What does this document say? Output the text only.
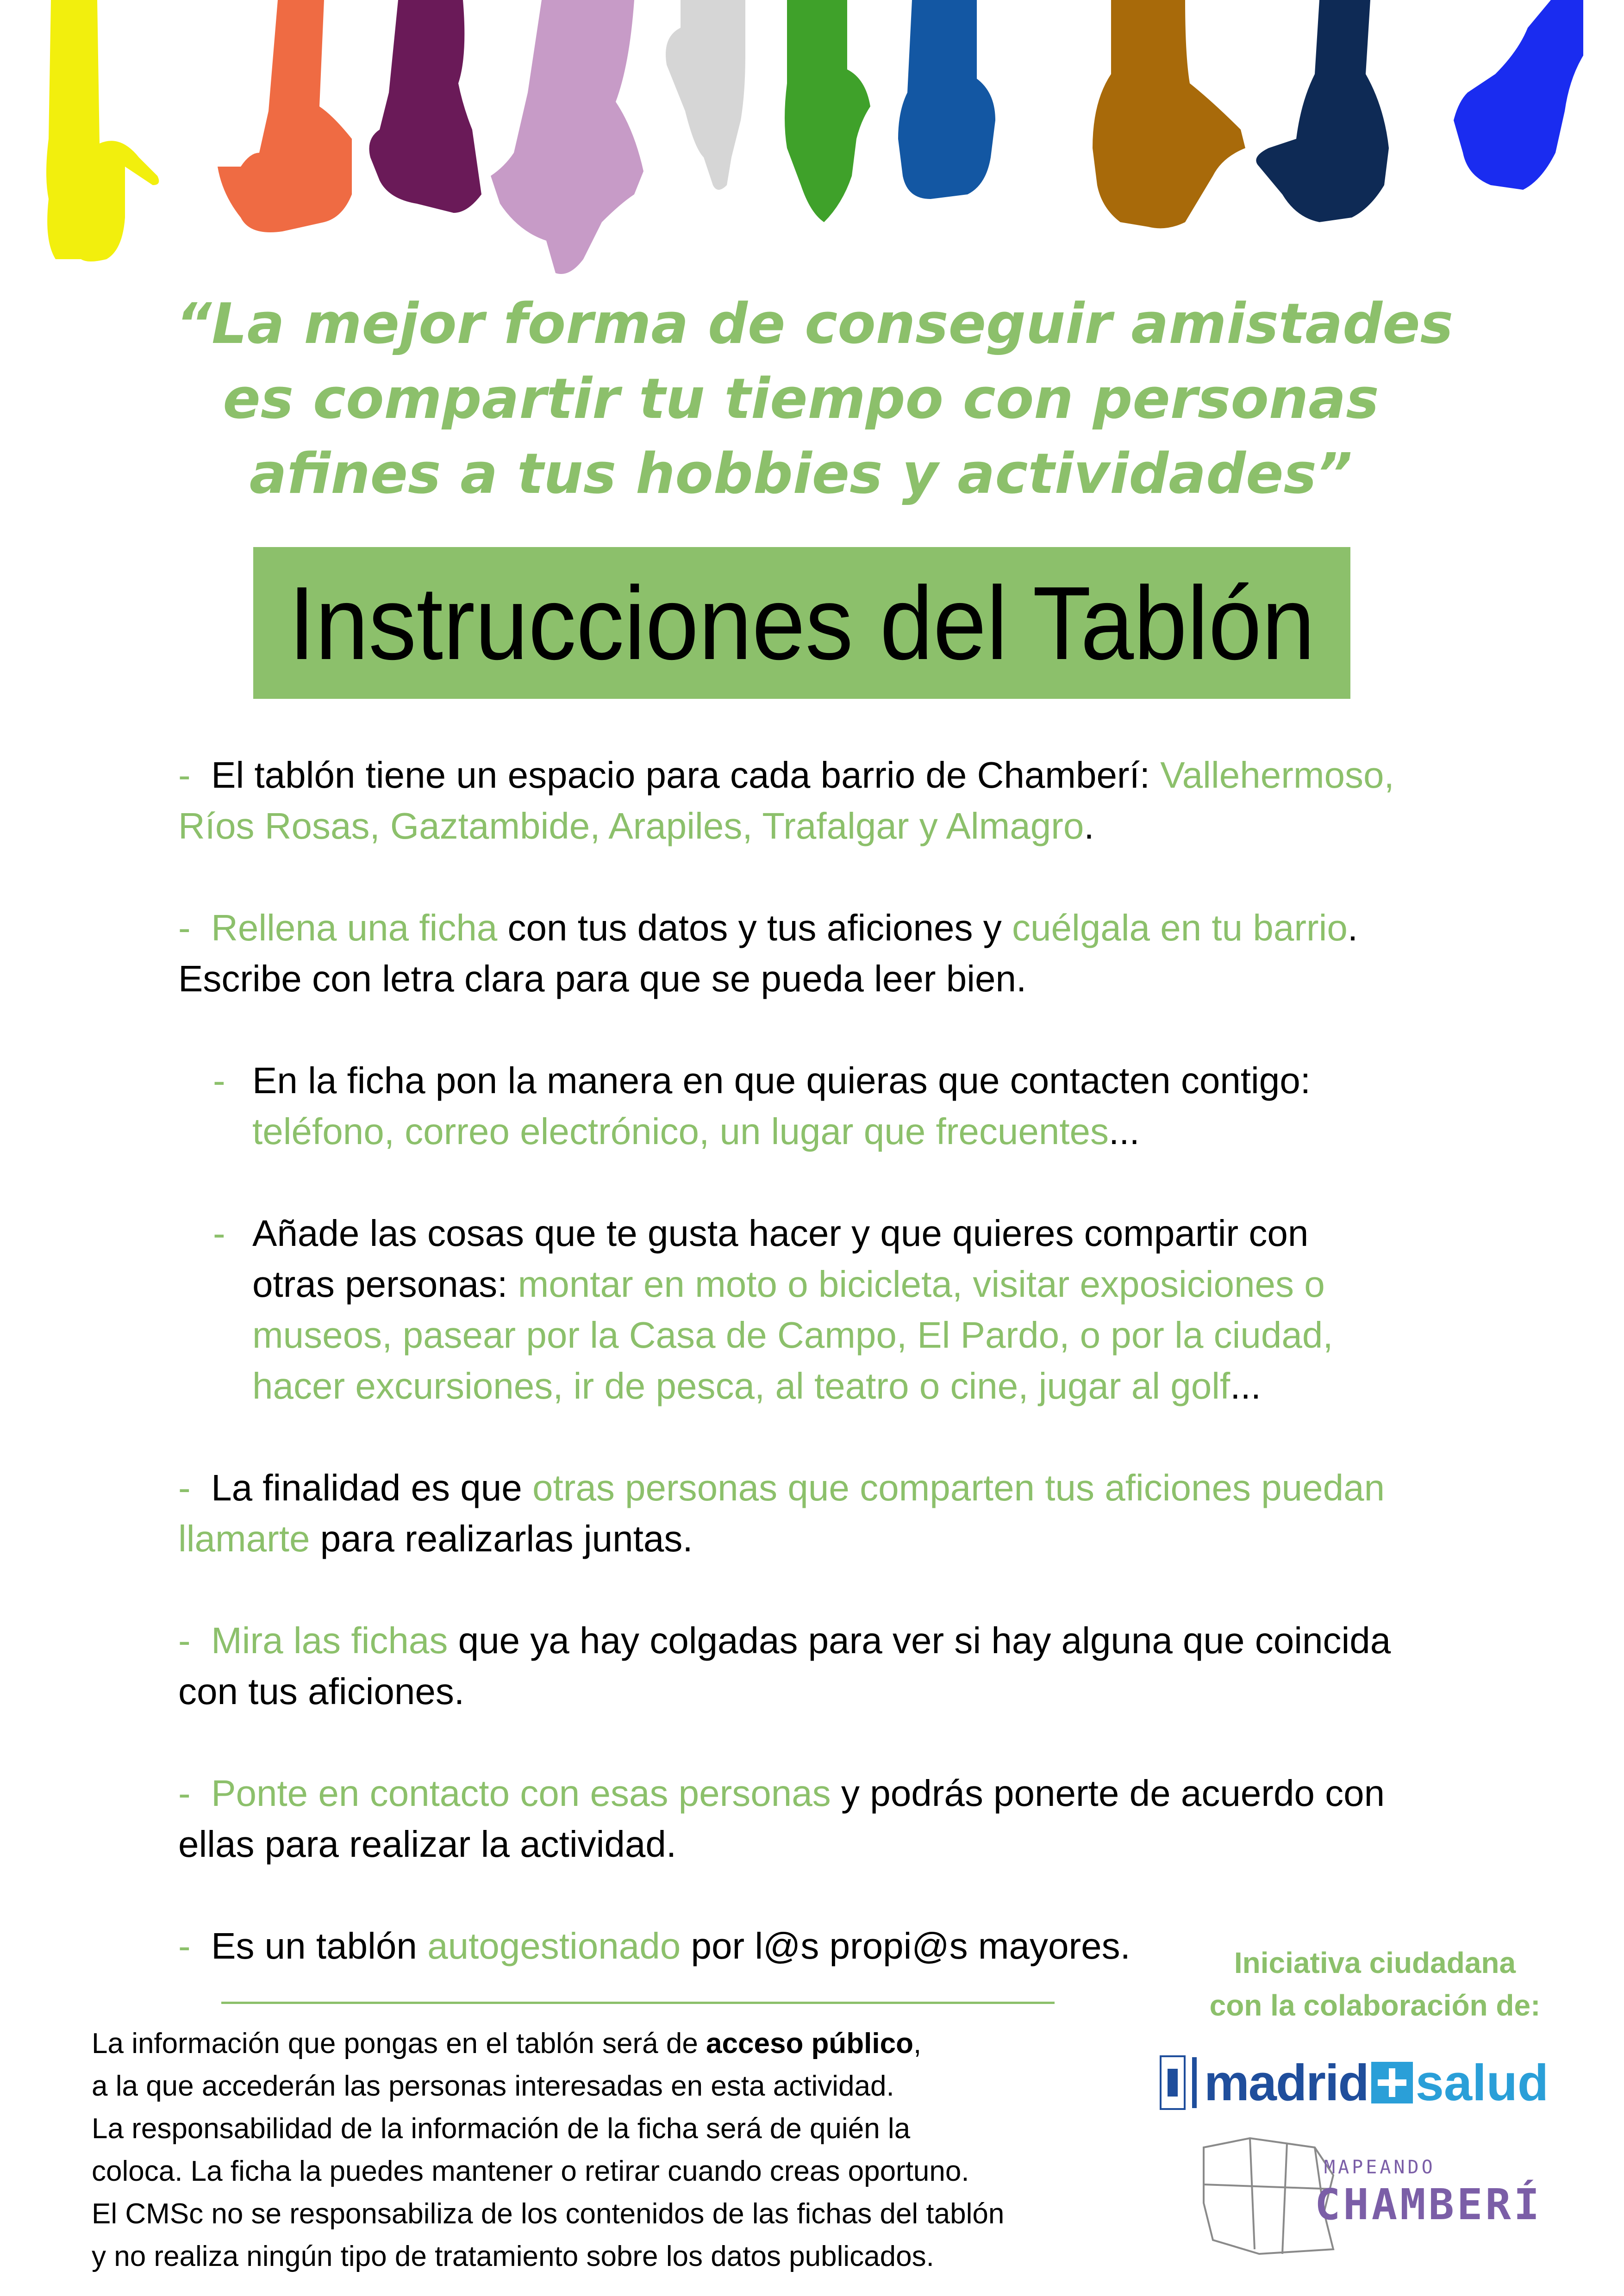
“La mejor forma de conseguir amistades
es compartir tu tiempo con personas
afines a tus hobbies y actividades”
Instrucciones del Tablón
- El tablón tiene un espacio para cada barrio de Chamberí: Vallehermoso,
Ríos Rosas, Gaztambide, Arapiles, Trafalgar y Almagro.
- Rellena una ficha con tus datos y tus aficiones y cuélgala en tu barrio.
Escribe con letra clara para que se pueda leer bien.
- En la ficha pon la manera en que quieras que contacten contigo:
teléfono, correo electrónico, un lugar que frecuentes...
- Añade las cosas que te gusta hacer y que quieres compartir con
otras personas: montar en moto o bicicleta, visitar exposiciones o
museos, pasear por la Casa de Campo, El Pardo, o por la ciudad,
hacer excursiones, ir de pesca, al teatro o cine, jugar al golf...
- La finalidad es que otras personas que comparten tus aficiones puedan
llamarte para realizarlas juntas.
- Mira las fichas que ya hay colgadas para ver si hay alguna que coincida
con tus aficiones.
- Ponte en contacto con esas personas y podrás ponerte de acuerdo con
ellas para realizar la actividad.
- Es un tablón autogestionado por l@s propi@s mayores.
La información que pongas en el tablón será de acceso público,
a la que accederán las personas interesadas en esta actividad.
La responsabilidad de la información de la ficha será de quién la
coloca. La ficha la puedes mantener o retirar cuando creas oportuno.
El CMSc no se responsabiliza de los contenidos de las fichas del tablón
y no realiza ningún tipo de tratamiento sobre los datos publicados.
Iniciativa ciudadana
con la colaboración de:
madrid salud
MAPEANDO
CHAMBERÍ
